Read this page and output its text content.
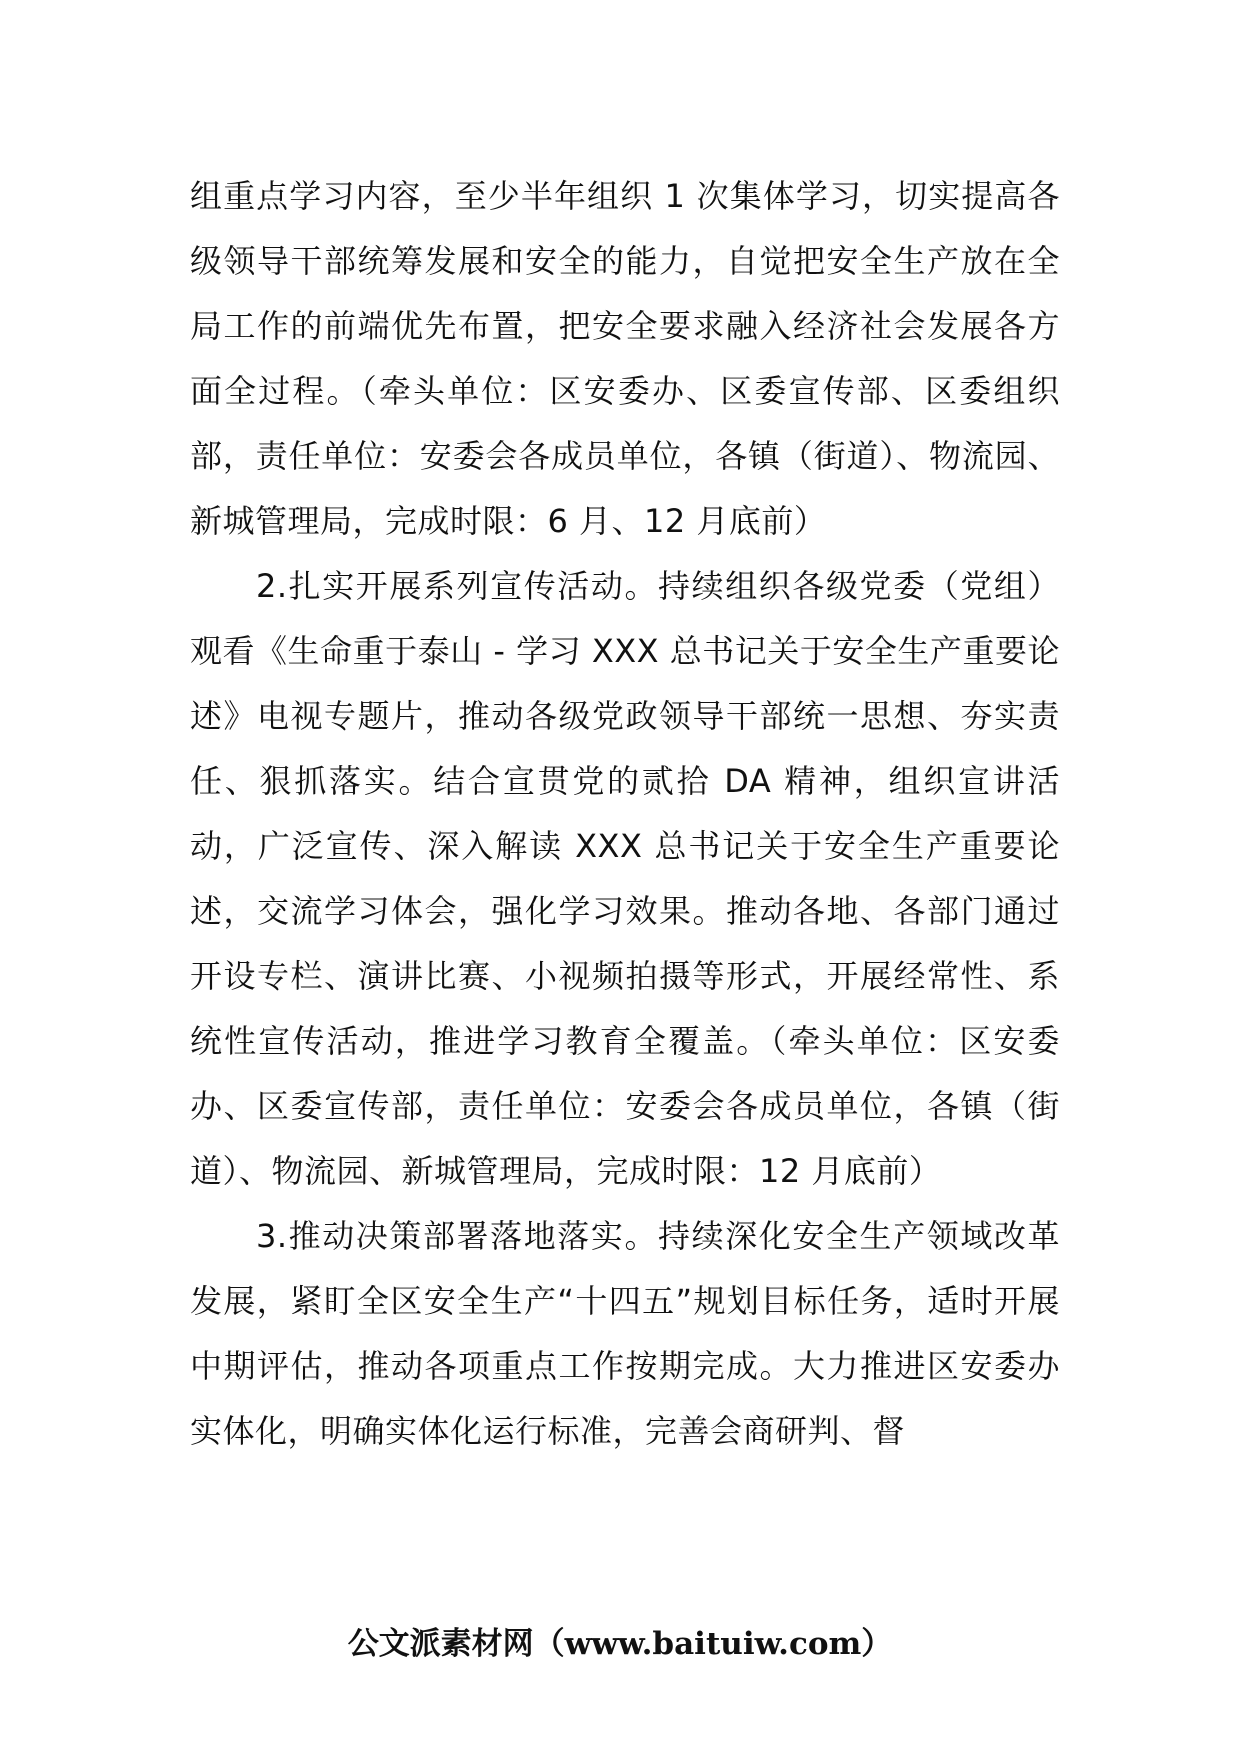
组重点学习内容，至少半年组织 1 次集体学习，切实提高各级领导干部统筹发展和安全的能力，自觉把安全生产放在全局工作的前端优先布置，把安全要求融入经济社会发展各方面全过程。（牵头单位：区安委办、区委宣传部、区委组织部，责任单位：安委会各成员单位，各镇（街道）、物流园、新城管理局，完成时限：6 月、12 月底前）

2.扎实开展系列宣传活动。持续组织各级党委（党组）观看《生命重于泰山 - 学习 XXX 总书记关于安全生产重要论述》电视专题片，推动各级党政领导干部统一思想、夯实责任、狠抓落实。结合宣贯党的贰拾 DA 精神，组织宣讲活动，广泛宣传、深入解读 XXX 总书记关于安全生产重要论述，交流学习体会，强化学习效果。推动各地、各部门通过开设专栏、演讲比赛、小视频拍摄等形式，开展经常性、系统性宣传活动，推进学习教育全覆盖。（牵头单位：区安委办、区委宣传部，责任单位：安委会各成员单位，各镇（街道）、物流园、新城管理局，完成时限：12 月底前）

3.推动决策部署落地落实。持续深化安全生产领域改革发展，紧盯全区安全生产“十四五”规划目标任务，适时开展中期评估，推动各项重点工作按期完成。大力推进区安委办实体化，明确实体化运行标准，完善会商研判、督

公文派素材网（www.baituiw.com）
